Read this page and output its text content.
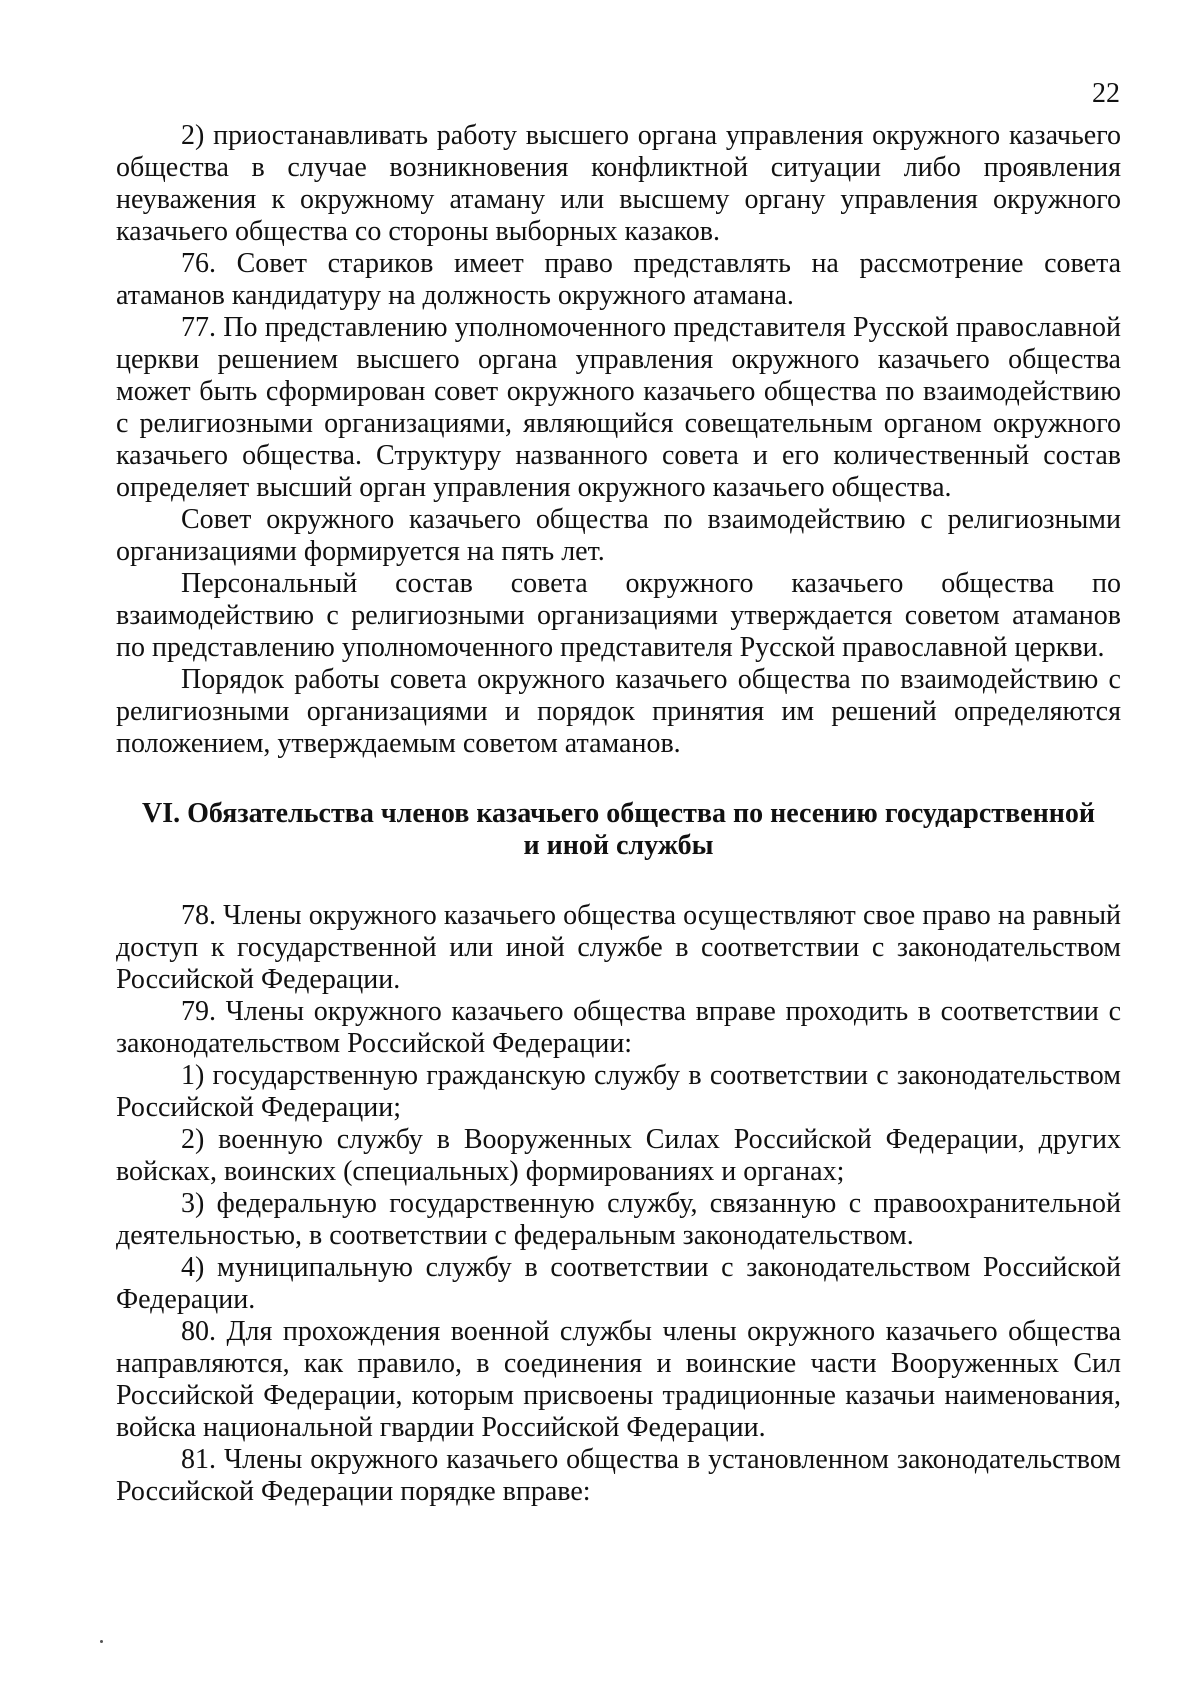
22

2) приостанавливать работу высшего органа управления окружного казачьего общества в случае возникновения конфликтной ситуации либо проявления неуважения к окружному атаману или высшему органу управления окружного казачьего общества со стороны выборных казаков.

76. Совет стариков имеет право представлять на рассмотрение совета атаманов кандидатуру на должность окружного атамана.

77. По представлению уполномоченного представителя Русской православной церкви решением высшего органа управления окружного казачьего общества может быть сформирован совет окружного казачьего общества по взаимодействию с религиозными организациями, являющийся совещательным органом окружного казачьего общества. Структуру названного совета и его количественный состав определяет высший орган управления окружного казачьего общества.

Совет окружного казачьего общества по взаимодействию с религиозными организациями формируется на пять лет.

Персональный состав совета окружного казачьего общества по взаимодействию с религиозными организациями утверждается советом атаманов по представлению уполномоченного представителя Русской православной церкви.

Порядок работы совета окружного казачьего общества по взаимодействию с религиозными организациями и порядок принятия им решений определяются положением, утверждаемым советом атаманов.

VI. Обязательства членов казачьего общества по несению государственной
и иной службы

78. Члены окружного казачьего общества осуществляют свое право на равный доступ к государственной или иной службе в соответствии с законодательством Российской Федерации.

79. Члены окружного казачьего общества вправе проходить в соответствии с законодательством Российской Федерации:

1) государственную гражданскую службу в соответствии с законодательством Российской Федерации;

2) военную службу в Вооруженных Силах Российской Федерации, других войсках, воинских (специальных) формированиях и органах;

3) федеральную государственную службу, связанную с правоохранительной деятельностью, в соответствии с федеральным законодательством.

4) муниципальную службу в соответствии с законодательством Российской Федерации.

80. Для прохождения военной службы члены окружного казачьего общества направляются, как правило, в соединения и воинские части Вооруженных Сил Российской Федерации, которым присвоены традиционные казачьи наименования, войска национальной гвардии Российской Федерации.

81. Члены окружного казачьего общества в установленном законодательством Российской Федерации порядке вправе:
